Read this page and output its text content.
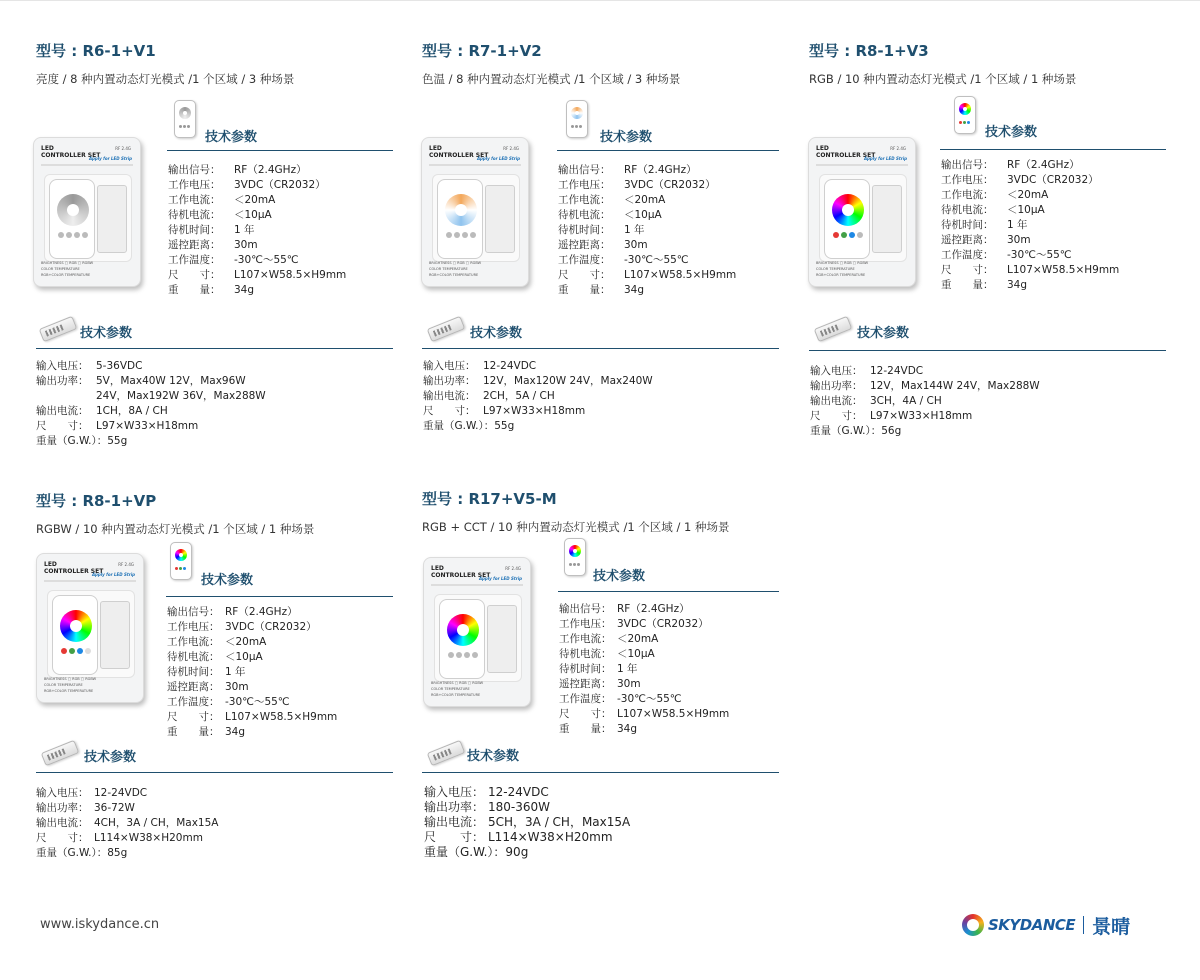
型号 : R6-1+V1
亮度 / 8 种内置动态灯光模式 /1 个区域 / 3 种场景
LED
CONTROLLER SET
RF 2.4G
Apply for LED Strip
BRIGHTNESS ▢ RGB ▢ RGBW
COLOR TEMPERATURE
RGB+COLOR TEMPERATURE
技术参数
输出信号： RF（2.4GHz）
工作电压： 3VDC（CR2032）
工作电流： ＜20mA
待机电流： ＜10μA
待机时间： 1 年
遥控距离： 30m
工作温度： -30℃～55℃
尺　　寸： L107×W58.5×H9mm
重　　量： 34g
技术参数
输入电压： 5-36VDC
输出功率： 5V，Max40W 12V，Max96W
24V，Max192W 36V，Max288W
输出电流： 1CH，8A / CH
尺　　寸： L97×W33×H18mm
重量（G.W.）：55g
型号 : R7-1+V2
色温 / 8 种内置动态灯光模式 /1 个区域 / 3 种场景
LED
CONTROLLER SET
RF 2.4G
Apply for LED Strip
BRIGHTNESS ▢ RGB ▢ RGBW
COLOR TEMPERATURE
RGB+COLOR TEMPERATURE
技术参数
输出信号： RF（2.4GHz）
工作电压： 3VDC（CR2032）
工作电流： ＜20mA
待机电流： ＜10μA
待机时间： 1 年
遥控距离： 30m
工作温度： -30℃～55℃
尺　　寸： L107×W58.5×H9mm
重　　量： 34g
技术参数
输入电压： 12-24VDC
输出功率： 12V，Max120W 24V，Max240W
输出电流： 2CH，5A / CH
尺　　寸： L97×W33×H18mm
重量（G.W.）：55g
型号 : R8-1+V3
RGB / 10 种内置动态灯光模式 /1 个区域 / 1 种场景
LED
CONTROLLER SET
RF 2.4G
Apply for LED Strip
BRIGHTNESS ▢ RGB ▢ RGBW
COLOR TEMPERATURE
RGB+COLOR TEMPERATURE
技术参数
输出信号： RF（2.4GHz）
工作电压： 3VDC（CR2032）
工作电流： ＜20mA
待机电流： ＜10μA
待机时间： 1 年
遥控距离： 30m
工作温度： -30℃～55℃
尺　　寸： L107×W58.5×H9mm
重　　量： 34g
技术参数
输入电压： 12-24VDC
输出功率： 12V，Max144W 24V，Max288W
输出电流： 3CH，4A / CH
尺　　寸： L97×W33×H18mm
重量（G.W.）：56g
型号 : R8-1+VP
RGBW / 10 种内置动态灯光模式 /1 个区域 / 1 种场景
LED
CONTROLLER SET
RF 2.4G
Apply for LED Strip
BRIGHTNESS ▢ RGB ▢ RGBW
COLOR TEMPERATURE
RGB+COLOR TEMPERATURE
技术参数
输出信号： RF（2.4GHz）
工作电压： 3VDC（CR2032）
工作电流： ＜20mA
待机电流： ＜10μA
待机时间： 1 年
遥控距离： 30m
工作温度： -30℃～55℃
尺　　寸： L107×W58.5×H9mm
重　　量： 34g
技术参数
输入电压： 12-24VDC
输出功率： 36-72W
输出电流： 4CH，3A / CH，Max15A
尺　　寸： L114×W38×H20mm
重量（G.W.）：85g
型号 : R17+V5-M
RGB + CCT / 10 种内置动态灯光模式 /1 个区域 / 1 种场景
LED
CONTROLLER SET
RF 2.4G
Apply for LED Strip
BRIGHTNESS ▢ RGB ▢ RGBW
COLOR TEMPERATURE
RGB+COLOR TEMPERATURE
技术参数
输出信号： RF（2.4GHz）
工作电压： 3VDC（CR2032）
工作电流： ＜20mA
待机电流： ＜10μA
待机时间： 1 年
遥控距离： 30m
工作温度： -30℃～55℃
尺　　寸： L107×W58.5×H9mm
重　　量： 34g
技术参数
输入电压： 12-24VDC
输出功率： 180-360W
输出电流： 5CH，3A / CH，Max15A
尺　　寸： L114×W38×H20mm
重量（G.W.）：90g
www.iskydance.cn	SKYDANCE 景晴
